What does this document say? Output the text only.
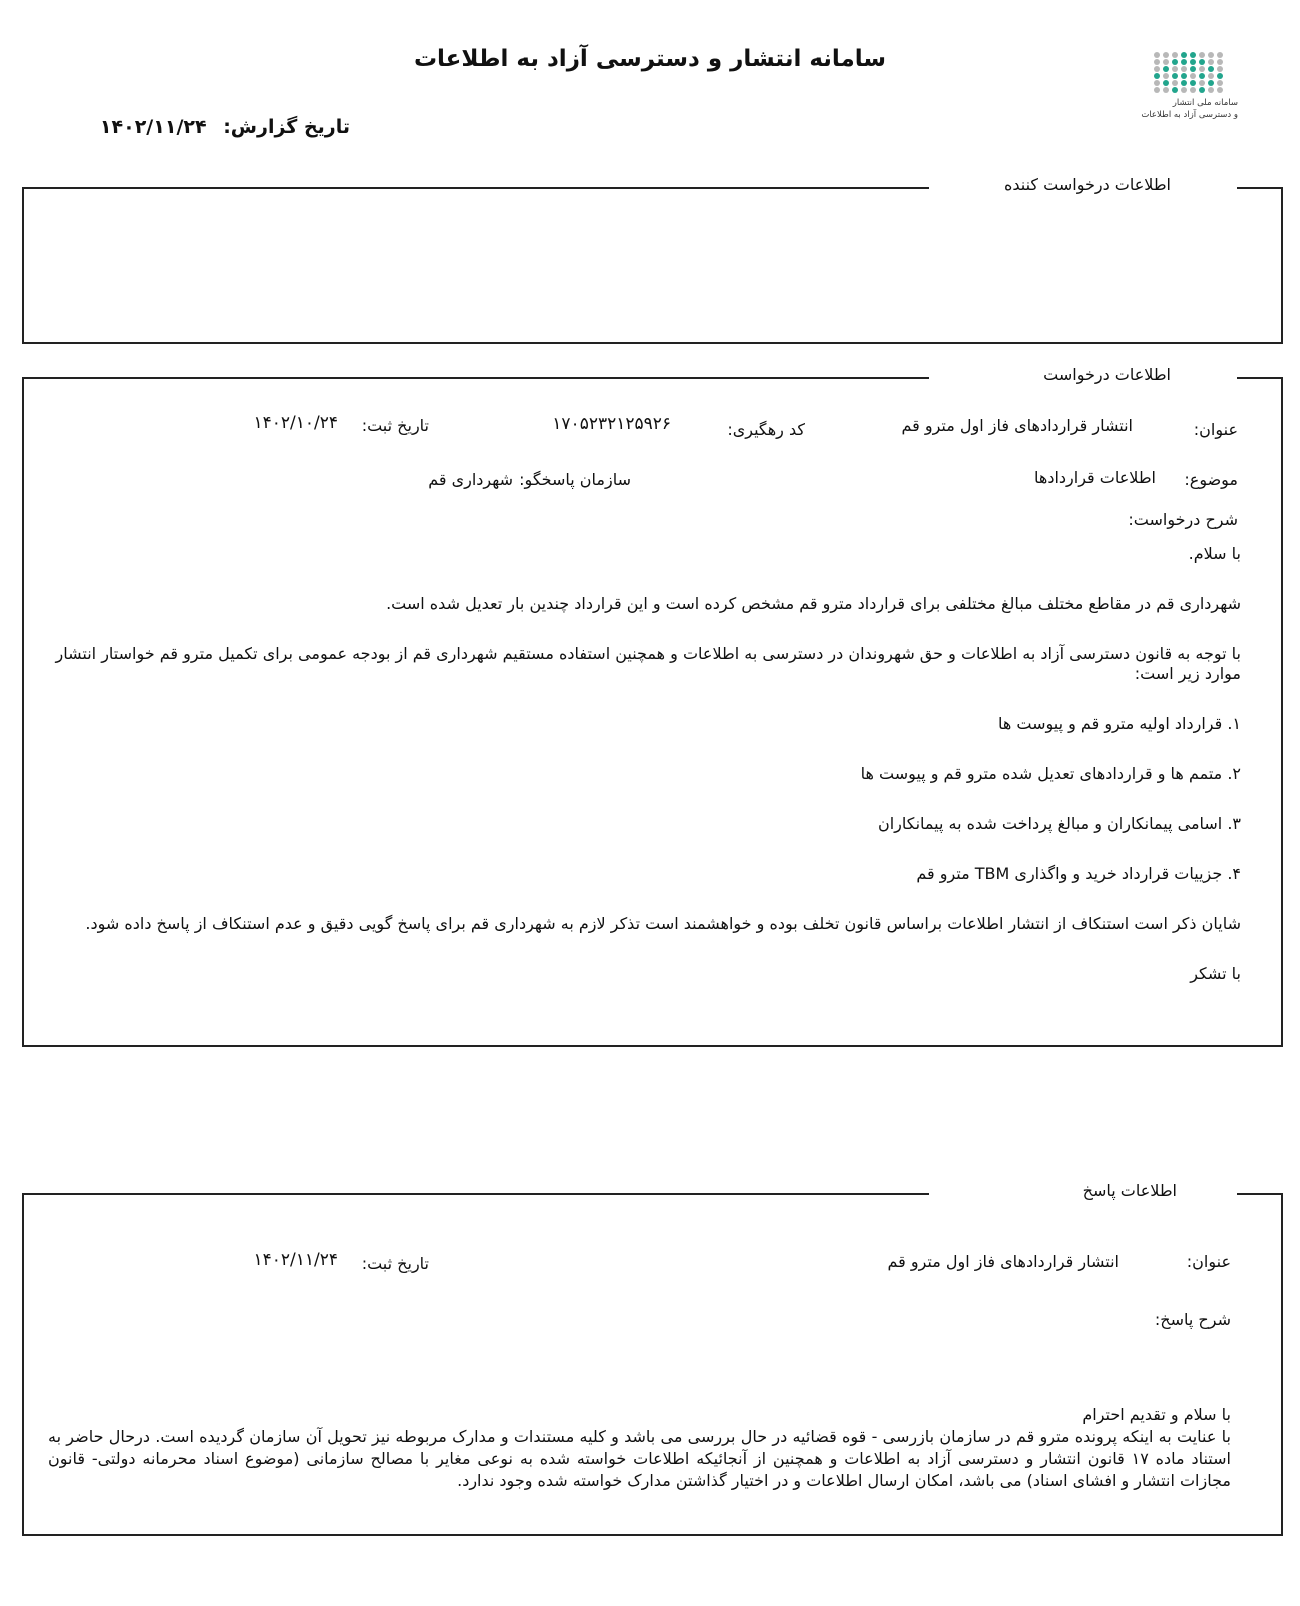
سامانه انتشار و دسترسی آزاد به اطلاعات
تاریخ گزارش: ۱۴۰۲/۱۱/۲۴
سامانه ملی انتشار
و دسترسی آزاد به اطلاعات
اطلاعات درخواست کننده
اطلاعات درخواست
عنوان:
انتشار قراردادهای فاز اول مترو قم
کد رهگیری:
۱۷۰۵۲۳۲۱۲۵۹۲۶
تاریخ ثبت:
۱۴۰۲/۱۰/۲۴
موضوع:
اطلاعات قراردادها
سازمان پاسخگو:
شهرداری قم
شرح درخواست:

با سلام.

شهرداری قم در مقاطع مختلف مبالغ مختلفی برای قرارداد مترو قم مشخص کرده است و این قرارداد چندین بار تعدیل شده است.

با توجه به قانون دسترسی آزاد به اطلاعات و حق شهروندان در دسترسی به اطلاعات و همچنین استفاده مستقیم شهرداری قم از بودجه عمومی برای تکمیل مترو قم خواستار انتشار موارد زیر است:

۱. قرارداد اولیه مترو قم و پیوست ها

۲. متمم ها و قراردادهای تعدیل شده مترو قم و پیوست ها

۳. اسامی پیمانکاران و مبالغ پرداخت شده به پیمانکاران

۴. جزییات قرارداد خرید و واگذاری TBM مترو قم

شایان ذکر است استنکاف از انتشار اطلاعات براساس قانون تخلف بوده و خواهشمند است تذکر لازم به شهرداری قم برای پاسخ گویی دقیق و عدم استنکاف از پاسخ داده شود.

با تشکر

اطلاعات پاسخ
عنوان:
انتشار قراردادهای فاز اول مترو قم
تاریخ ثبت:
۱۴۰۲/۱۱/۲۴
شرح پاسخ:

با سلام و تقدیم احترام

با عنایت به اینکه پرونده مترو قم در سازمان بازرسی - قوه قضائیه در حال بررسی می باشد و کلیه مستندات و مدارک مربوطه نیز تحویل آن سازمان گردیده است. درحال حاضر به استناد ماده ۱۷ قانون انتشار و دسترسی آزاد به اطلاعات و همچنین از آنجائیکه اطلاعات خواسته شده به نوعی مغایر با مصالح سازمانی (موضوع اسناد محرمانه دولتی- قانون مجازات انتشار و افشای اسناد) می باشد، امکان ارسال اطلاعات و در اختیار گذاشتن مدارک خواسته شده وجود ندارد.
